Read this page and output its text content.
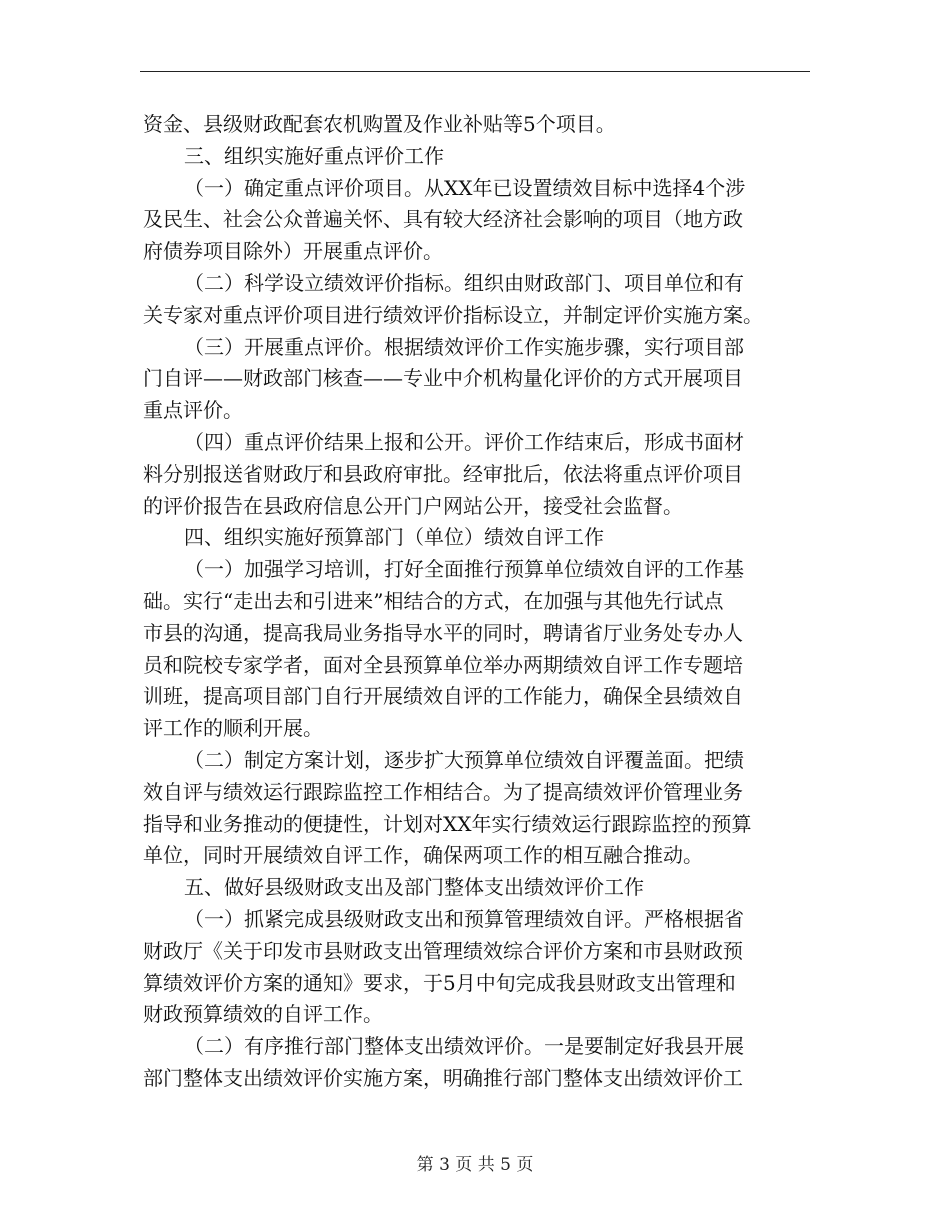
资金、县级财政配套农机购置及作业补贴等5个项目。
三、组织实施好重点评价工作
（一）确定重点评价项目。从XX年已设置绩效目标中选择4个涉
及民生、社会公众普遍关怀、具有较大经济社会影响的项目（地方政
府债券项目除外）开展重点评价。
（二）科学设立绩效评价指标。组织由财政部门、项目单位和有
关专家对重点评价项目进行绩效评价指标设立，并制定评价实施方案。
（三）开展重点评价。根据绩效评价工作实施步骤，实行项目部
门自评——财政部门核查——专业中介机构量化评价的方式开展项目
重点评价。
（四）重点评价结果上报和公开。评价工作结束后，形成书面材
料分别报送省财政厅和县政府审批。经审批后，依法将重点评价项目
的评价报告在县政府信息公开门户网站公开，接受社会监督。
四、组织实施好预算部门（单位）绩效自评工作
（一）加强学习培训，打好全面推行预算单位绩效自评的工作基
础。实行“走出去和引进来”相结合的方式，在加强与其他先行试点
市县的沟通，提高我局业务指导水平的同时，聘请省厅业务处专办人
员和院校专家学者，面对全县预算单位举办两期绩效自评工作专题培
训班，提高项目部门自行开展绩效自评的工作能力，确保全县绩效自
评工作的顺利开展。
（二）制定方案计划，逐步扩大预算单位绩效自评覆盖面。把绩
效自评与绩效运行跟踪监控工作相结合。为了提高绩效评价管理业务
指导和业务推动的便捷性，计划对XX年实行绩效运行跟踪监控的预算
单位，同时开展绩效自评工作，确保两项工作的相互融合推动。
五、做好县级财政支出及部门整体支出绩效评价工作
（一）抓紧完成县级财政支出和预算管理绩效自评。严格根据省
财政厅《关于印发市县财政支出管理绩效综合评价方案和市县财政预
算绩效评价方案的通知》要求，于5月中旬完成我县财政支出管理和
财政预算绩效的自评工作。
（二）有序推行部门整体支出绩效评价。一是要制定好我县开展
部门整体支出绩效评价实施方案，明确推行部门整体支出绩效评价工
第 3 页 共 5 页
